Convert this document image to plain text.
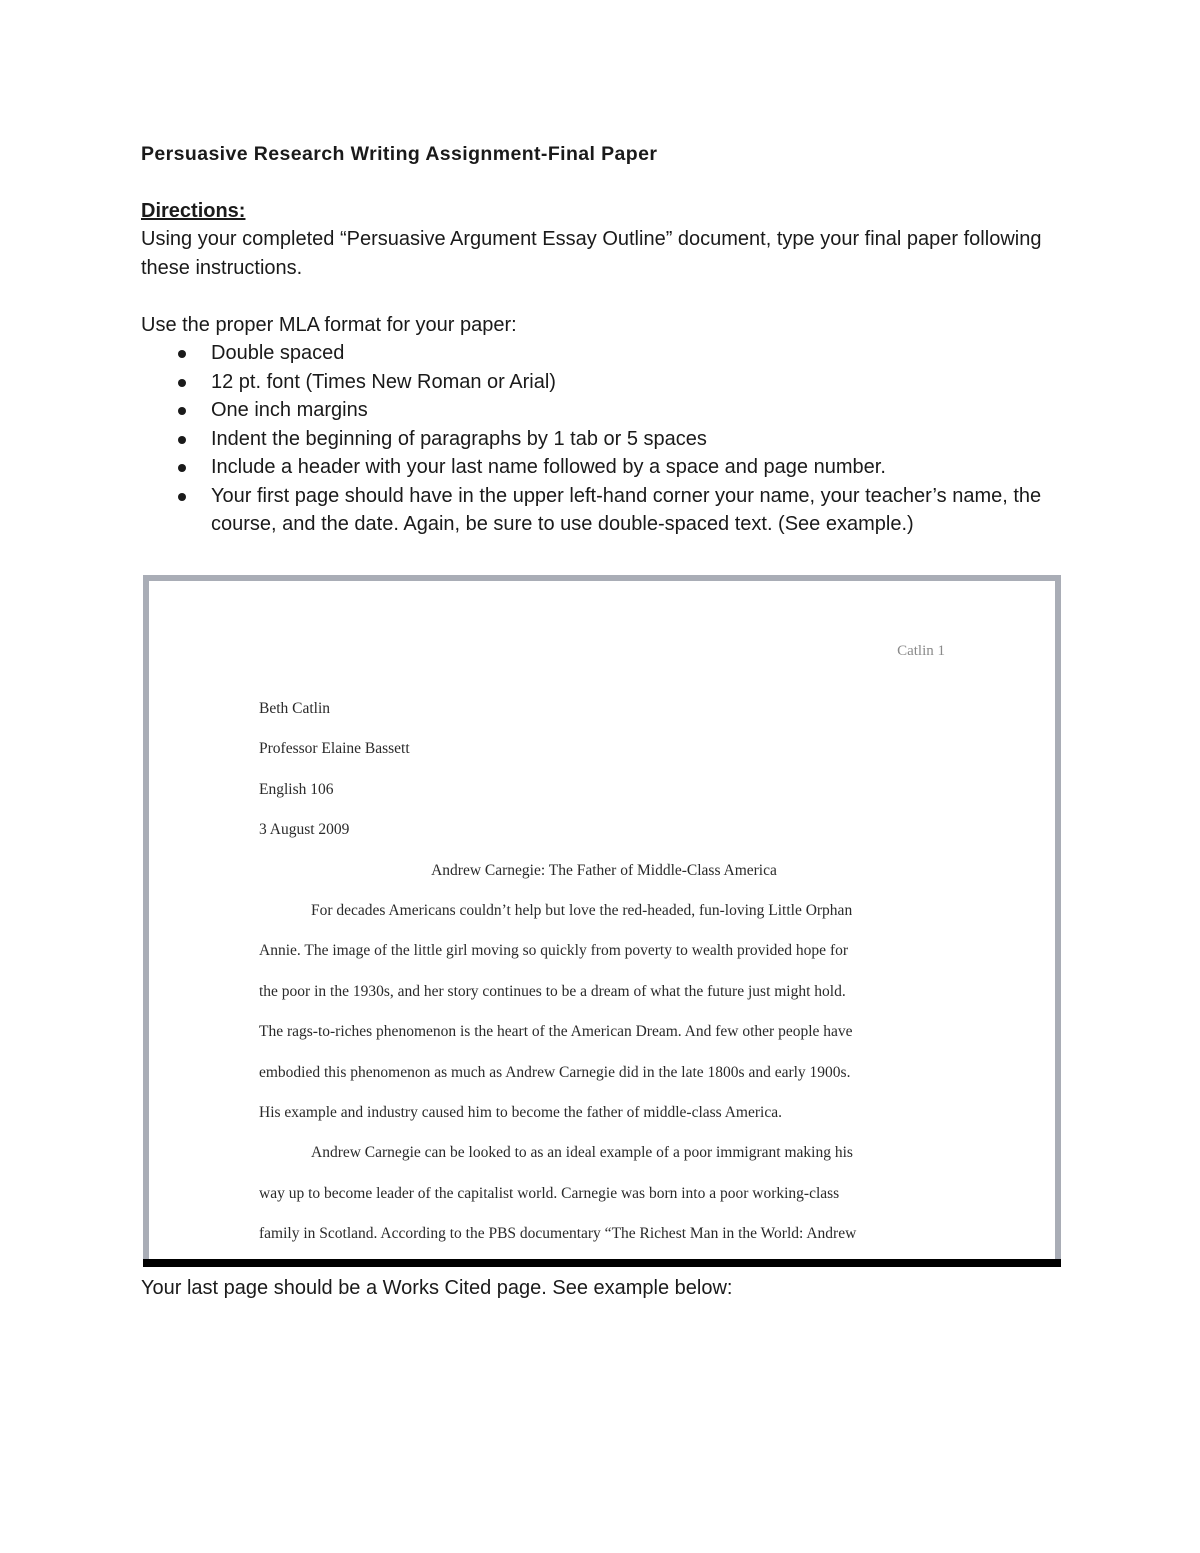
Persuasive Research Writing Assignment-Final Paper

Directions:

Using your completed “Persuasive Argument Essay Outline” document, type your final paper following these instructions.

Use the proper MLA format for your paper:

Double spaced
12 pt. font (Times New Roman or Arial)
One inch margins
Indent the beginning of paragraphs by 1 tab or 5 spaces
Include a header with your last name followed by a space and page number.
Your first page should have in the upper left-hand corner your name, your teacher’s name, the course, and the date. Again, be sure to use double-spaced text. (See example.)
Catlin 1
Beth Catlin
Professor Elaine Bassett
English 106
3 August 2009
Andrew Carnegie: The Father of Middle-Class America
For decades Americans couldn’t help but love the red-headed, fun-loving Little Orphan
Annie. The image of the little girl moving so quickly from poverty to wealth provided hope for
the poor in the 1930s, and her story continues to be a dream of what the future just might hold.
The rags-to-riches phenomenon is the heart of the American Dream. And few other people have
embodied this phenomenon as much as Andrew Carnegie did in the late 1800s and early 1900s.
His example and industry caused him to become the father of middle-class America.
Andrew Carnegie can be looked to as an ideal example of a poor immigrant making his
way up to become leader of the capitalist world. Carnegie was born into a poor working-class
family in Scotland. According to the PBS documentary “The Richest Man in the World: Andrew
Your last page should be a Works Cited page. See example below:
